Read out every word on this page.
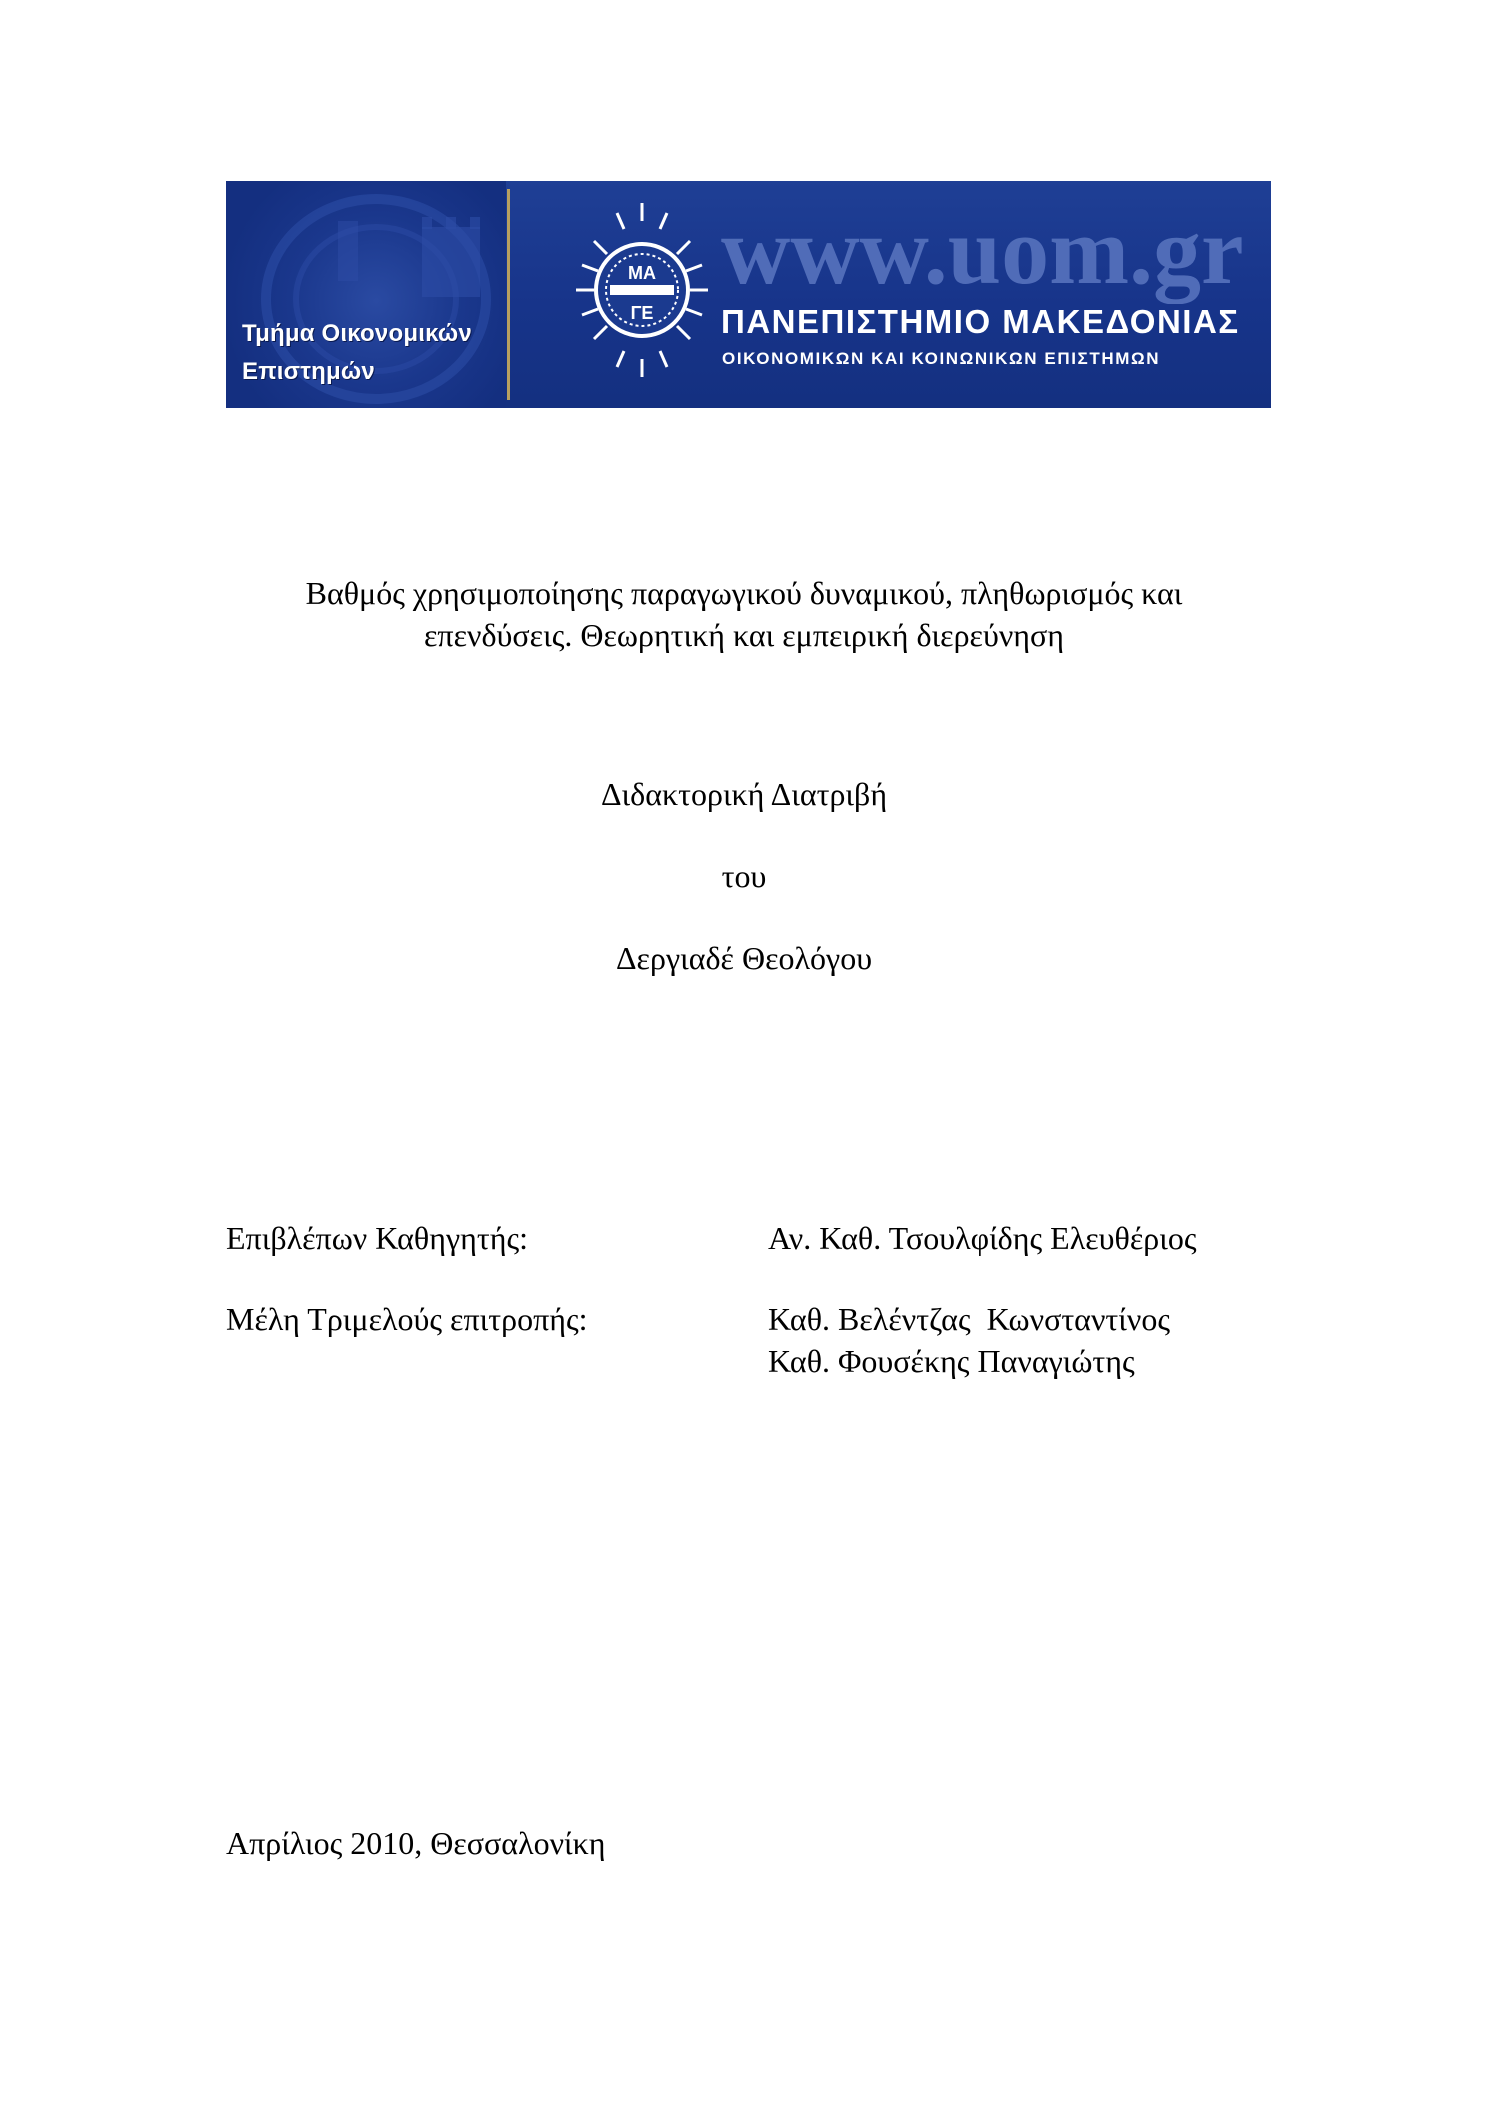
Τμήμα Οικονομικών
Επιστημών
ΜΑ
ΓΕ
www.uom.gr
ΠΑΝΕΠΙΣΤΗΜΙΟ ΜΑΚΕΔΟΝΙΑΣ
ΟΙΚΟΝΟΜΙΚΩΝ ΚΑΙ ΚΟΙΝΩΝΙΚΩΝ ΕΠΙΣΤΗΜΩΝ
Βαθμός χρησιμοποίησης παραγωγικού δυναμικού, πληθωρισμός και
επενδύσεις. Θεωρητική και εμπειρική διερεύνηση
Διδακτορική Διατριβή
του
Δεργιαδέ Θεολόγου
Επιβλέπων Καθηγητής:	Αν. Καθ. Τσουλφίδης Ελευθέριος
Μέλη Τριμελούς επιτροπής:	Καθ. Βελέντζας  Κωνσταντίνος
Καθ. Φουσέκης Παναγιώτης
Απρίλιος 2010, Θεσσαλονίκη
